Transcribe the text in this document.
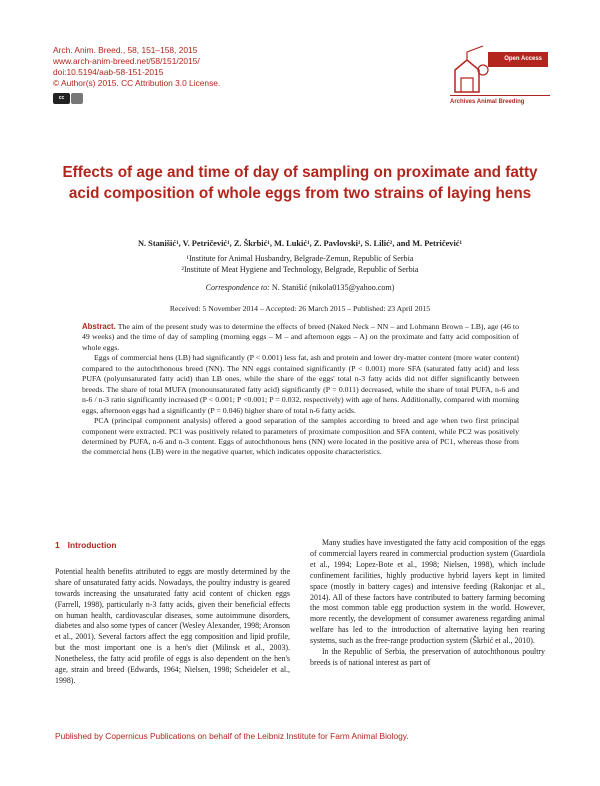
Arch. Anim. Breed., 58, 151–158, 2015
www.arch-anim-breed.net/58/151/2015/
doi:10.5194/aab-58-151-2015
© Author(s) 2015. CC Attribution 3.0 License.
cc
Open Access
Archives Animal Breeding
Effects of age and time of day of sampling on proximate and fatty acid composition of whole eggs from two strains of laying hens
N. Stanišić¹, V. Petričević¹, Z. Škrbić¹, M. Lukić¹, Z. Pavlovski¹, S. Lilić², and M. Petričević¹
¹Institute for Animal Husbandry, Belgrade-Zemun, Republic of Serbia
²Institute of Meat Hygiene and Technology, Belgrade, Republic of Serbia
Correspondence to: N. Stanišić (nikola0135@yahoo.com)
Received: 5 November 2014 – Accepted: 26 March 2015 – Published: 23 April 2015

Abstract. The aim of the present study was to determine the effects of breed (Naked Neck – NN – and Lohmann Brown – LB), age (46 to 49 weeks) and the time of day of sampling (morning eggs – M – and afternoon eggs – A) on the proximate and fatty acid composition of whole eggs.

Eggs of commercial hens (LB) had significantly (P < 0.001) less fat, ash and protein and lower dry-matter content (more water content) compared to the autochthonous breed (NN). The NN eggs contained significantly (P < 0.001) more SFA (saturated fatty acid) and less PUFA (polyunsaturated fatty acid) than LB ones, while the share of the eggs' total n-3 fatty acids did not differ significantly between breeds. The share of total MUFA (monounsaturated fatty acid) significantly (P = 0.011) decreased, while the share of total PUFA, n-6 and n-6 / n-3 ratio significantly increased (P < 0.001; P <0.001; P = 0.032, respectively) with age of hens. Additionally, compared with morning eggs, afternoon eggs had a significantly (P = 0.046) higher share of total n-6 fatty acids.

PCA (principal component analysis) offered a good separation of the samples according to breed and age when two first principal component were extracted. PC1 was positively related to parameters of proximate composition and SFA content, while PC2 was positively determined by PUFA, n-6 and n-3 content. Eggs of autochthonous hens (NN) were located in the positive area of PC1, whereas those from the commercial hens (LB) were in the negative quarter, which indicates opposite characteristics.

1 Introduction

Potential health benefits attributed to eggs are mostly determined by the share of unsaturated fatty acids. Nowadays, the poultry industry is geared towards increasing the unsaturated fatty acid content of chicken eggs (Farrell, 1998), particularly n-3 fatty acids, given their beneficial effects on human health, cardiovascular diseases, some autoimmune disorders, diabetes and also some types of cancer (Wesley Alexander, 1998; Aronson et al., 2001). Several factors affect the egg composition and lipid profile, but the most important one is a hen's diet (Milinsk et al., 2003). Nonetheless, the fatty acid profile of eggs is also dependent on the hen's age, strain and breed (Edwards, 1964; Nielsen, 1998; Scheideler et al., 1998).

Many studies have investigated the fatty acid composition of the eggs of commercial layers reared in commercial production system (Guardiola et al., 1994; Lopez-Bote et al., 1998; Nielsen, 1998), which include confinement facilities, highly productive hybrid layers kept in limited space (mostly in battery cages) and intensive feeding (Rakonjac et al., 2014). All of these factors have contributed to battery farming becoming the most common table egg production system in the world. However, more recently, the development of consumer awareness regarding animal welfare has led to the introduction of alternative laying hen rearing systems, such as the free-range production system (Škrbić et al., 2010).

In the Republic of Serbia, the preservation of autochthonous poultry breeds is of national interest as part of

Published by Copernicus Publications on behalf of the Leibniz Institute for Farm Animal Biology.
